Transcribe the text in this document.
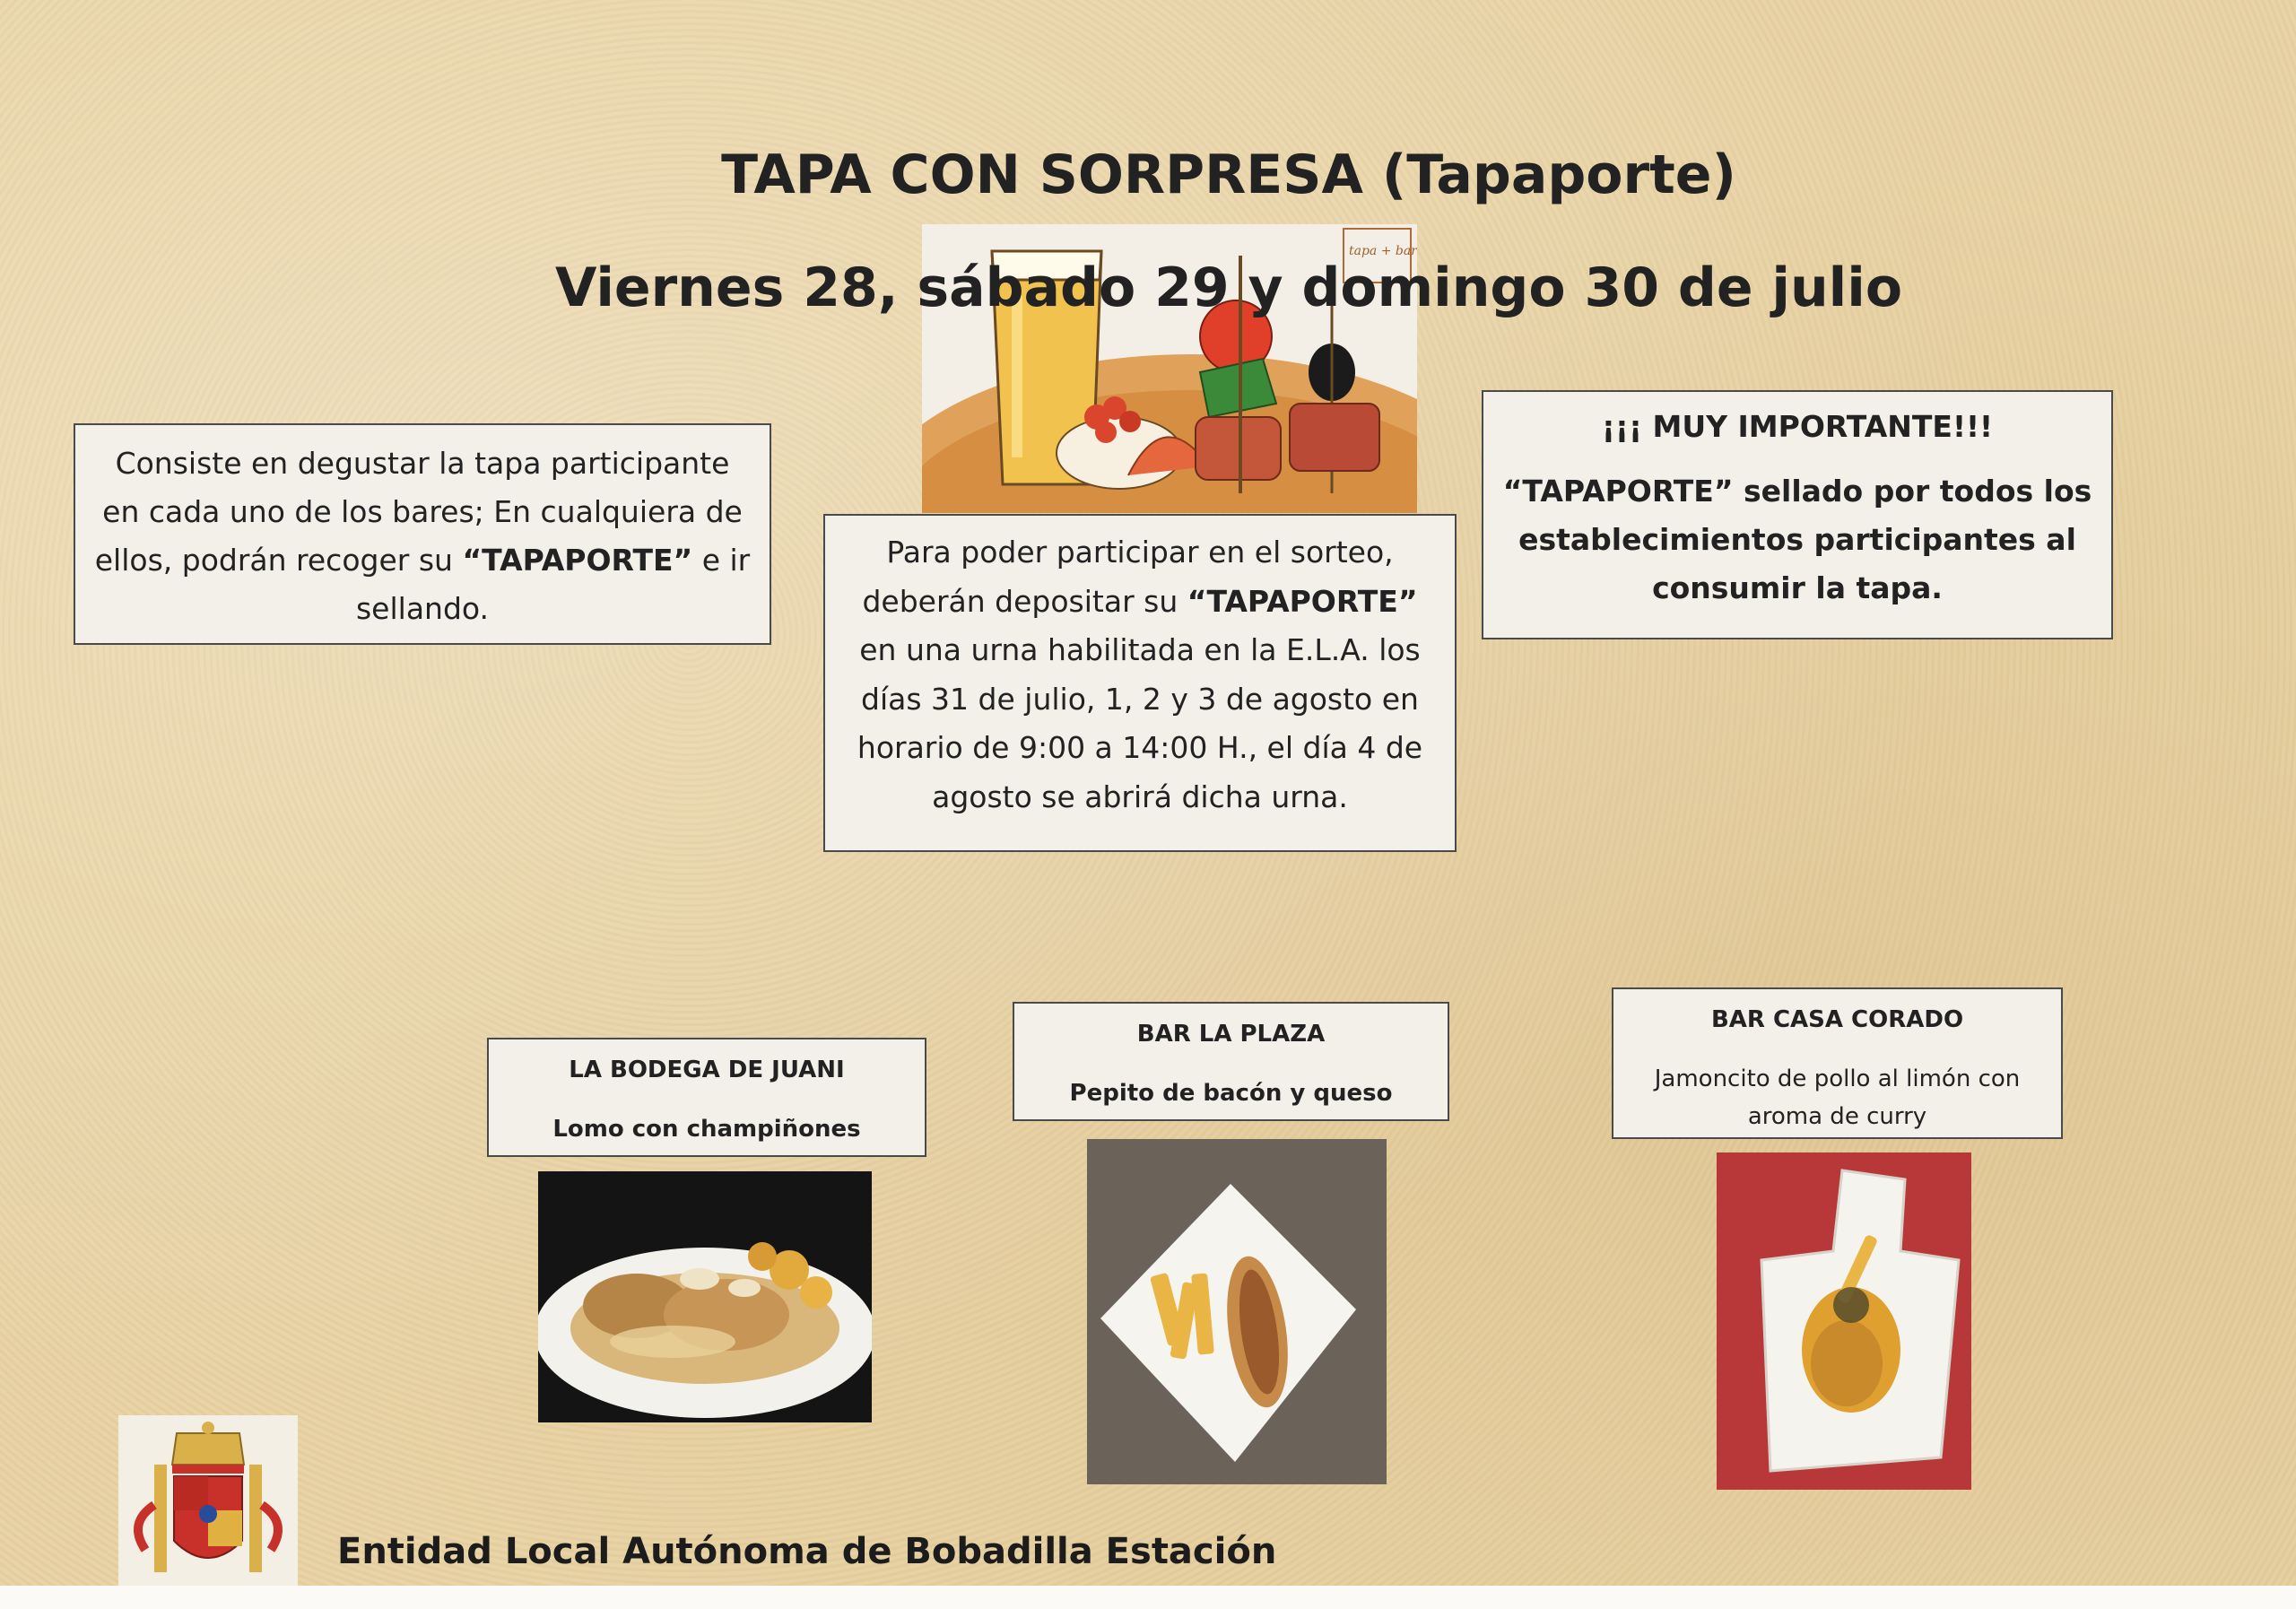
tapa + bar
TAPA CON SORPRESA (Tapaporte)
Viernes 28, sábado 29 y domingo 30 de julio

Consiste en degustar la tapa participante

en cada uno de los bares; En cualquiera de

ellos, podrán recoger su “TAPAPORTE” e ir

sellando.

Para poder participar en el sorteo,

deberán depositar su “TAPAPORTE”

en una urna habilitada en la E.L.A. los

días 31 de julio, 1, 2 y 3 de agosto en

horario de 9:00 a 14:00 H., el día 4 de

agosto se abrirá dicha urna.

¡¡¡ MUY IMPORTANTE!!!

“TAPAPORTE” sellado por todos los

establecimientos participantes al

consumir la tapa.

LA BODEGA DE JUANI

Lomo con champiñones

BAR LA PLAZA

Pepito de bacón y queso

BAR CASA CORADO

Jamoncito de pollo al limón con

aroma de curry

Entidad Local Autónoma de Bobadilla Estación
